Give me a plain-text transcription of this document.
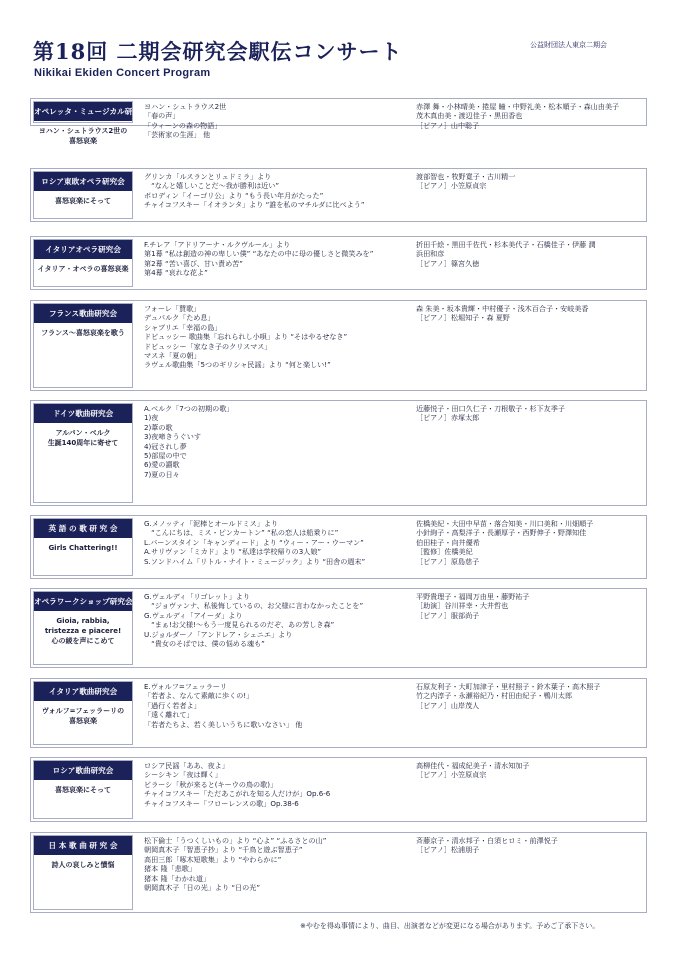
第18回 二期会研究会駅伝コンサート
Nikikai Ekiden Concert Program
公益財団法人東京二期会
オペレッタ・ミュージカル研究会
ヨハン・シュトラウス2世の
喜怒哀楽
ヨハン・シュトラウス2世
「春の声」
「ウィーンの森の物語」
「芸術家の生涯」 他
赤澤 舞・小林晴美・捲屋 瞳・中野礼美・松本順子・森山由美子
茂木真由美・渡辺佳子・黒田香也
［ピアノ］山中聡子
ロシア東欧オペラ研究会
喜怒哀楽にそって
グリンカ「ルスランとリュドミラ」より
　“なんと嬉しいことだ〜我が勝利は近い”
ボロディン「イーゴリ公」より “もう長い年月がたった”
チャイコフスキー「イオランタ」より “誰を私のマチルダに比べよう”
渡部智也・牧野寛子・古川精一
［ピアノ］小笠原貞宗
イタリアオペラ研究会
イタリア・オペラの喜怒哀楽
F.チレア「アドリアーナ・ルクヴルール」より
第1幕 “私は創造の神の卑しい僕” “あなたの中に母の優しさと微笑みを”
第2幕 “苦い喜び、甘い責め苦”
第4幕 “哀れな花よ”
折田千絵・黒田千佐代・杉本美代子・石橋佳子・伊藤 潤
浜田和彦
［ピアノ］篠宮久徳
フランス歌曲研究会
フランス〜喜怒哀楽を歌う
フォーレ「賛歌」
デュパルク「ため息」
シャブリエ「幸福の島」
ドビュッシー 歌曲集「忘れられし小唄」より “そはやるせなき”
ドビュッシー「家なき子のクリスマス」
マスネ「夏の朝」
ラヴェル歌曲集「5つのギリシャ民謡」より “何と楽しい!”
森 朱美・坂本貴輝・中村優子・浅木百合子・安岐美香
［ピアノ］松堀知子・森 夏野
ドイツ歌曲研究会
アルバン・ベルク
生誕140周年に寄せて
A.ベルク「7つの初期の歌」
1)夜
2)葦の歌
3)夜啼きうぐいす
4)冠されし夢
5)部屋の中で
6)愛の讃歌
7)夏の日々
近藤悦子・田口久仁子・刀根敬子・杉下友季子
［ピアノ］赤塚太郎
英 語 の 歌 研 究 会
Girls Chattering!!
G.メノッティ「泥棒とオールドミス」より
　“こんにちは、ミス・ピンカートン” “私の恋人は船乗りに”
L.バーンスタイン「キャンディード」より “ウィー・アー・ウーマン”
A.サリヴァン「ミカド」より “私達は学校帰りの3人娘”
S.ソンドハイム「リトル・ナイト・ミュージック」より “田舎の週末”
佐橋美紀・大田中早苗・落合知美・川口美和・川畑順子
小針絢子・高梨洋子・長瀬厚子・西野伸子・野澤知佳
伯田桂子・向井優希
［監修］佐橋美紀
［ピアノ］原島慈子
オペラワークショップ研究会
Gioia, rabbia,
tristezza e piacere!
心の綾を声にこめて
G.ヴェルディ「リゴレット」より
　“ジョヴァンナ、私後悔しているの、お父様に言わなかったことを”
G.ヴェルディ「アイーダ」より
　“まぁ!お父様!〜もう一度見られるのだぞ、あの芳しき森”
U.ジョルダーノ「アンドレア・シェニエ」より
　“貴女のそばでは、僕の悩める魂も”
平野貴理子・福岡万由里・藤野祐子
［助演］谷川祥幸・大井哲也
［ピアノ］服部尚子
イタリア歌曲研究会
ヴォルフ=フェッラーリの
喜怒哀楽
E.ヴォルフ=フェッラーリ
「若者よ、なんて素敵に歩くの!」
「過行く若者よ」
「遠く離れて」
「若者たちよ、若く美しいうちに歌いなさい」 他
石原友利子・大町加津子・里村照子・鈴木葉子・高木照子
竹之内淳子・永瀬裕紀乃・村田由紀子・鴨川太郎
［ピアノ］山岸茂人
ロシア歌曲研究会
喜怒哀楽にそって
ロシア民謡「ああ、夜よ」
シーシキン「夜は輝く」
ビラーシ「秋が来ると(キーウの鳥の歌)」
チャイコフスキー「ただあこがれを知る人だけが」Op.6-6
チャイコフスキー「フローレンスの歌」Op.38-6
高柳佳代・福成紀美子・清水知加子
［ピアノ］小笠原貞宗
日 本 歌 曲 研 究 会
詩人の哀しみと憤悩
松下倫士「うつくしいもの」より “心よ” “ふるさとの山”
朝岡真木子「智恵子抄」より “千鳥と遊ぶ智恵子”
高田三郎「啄木短歌集」より “やわらかに”
猪本 隆「悲歌」
猪本 隆「わかれ道」
朝岡真木子「日の光」より “日の光”
斉藤京子・清水邦子・白須ヒロミ・前澤悦子
［ピアノ］松浦朋子
※やむを得ぬ事情により、曲目、出演者などが変更になる場合があります。予めご了承下さい。
